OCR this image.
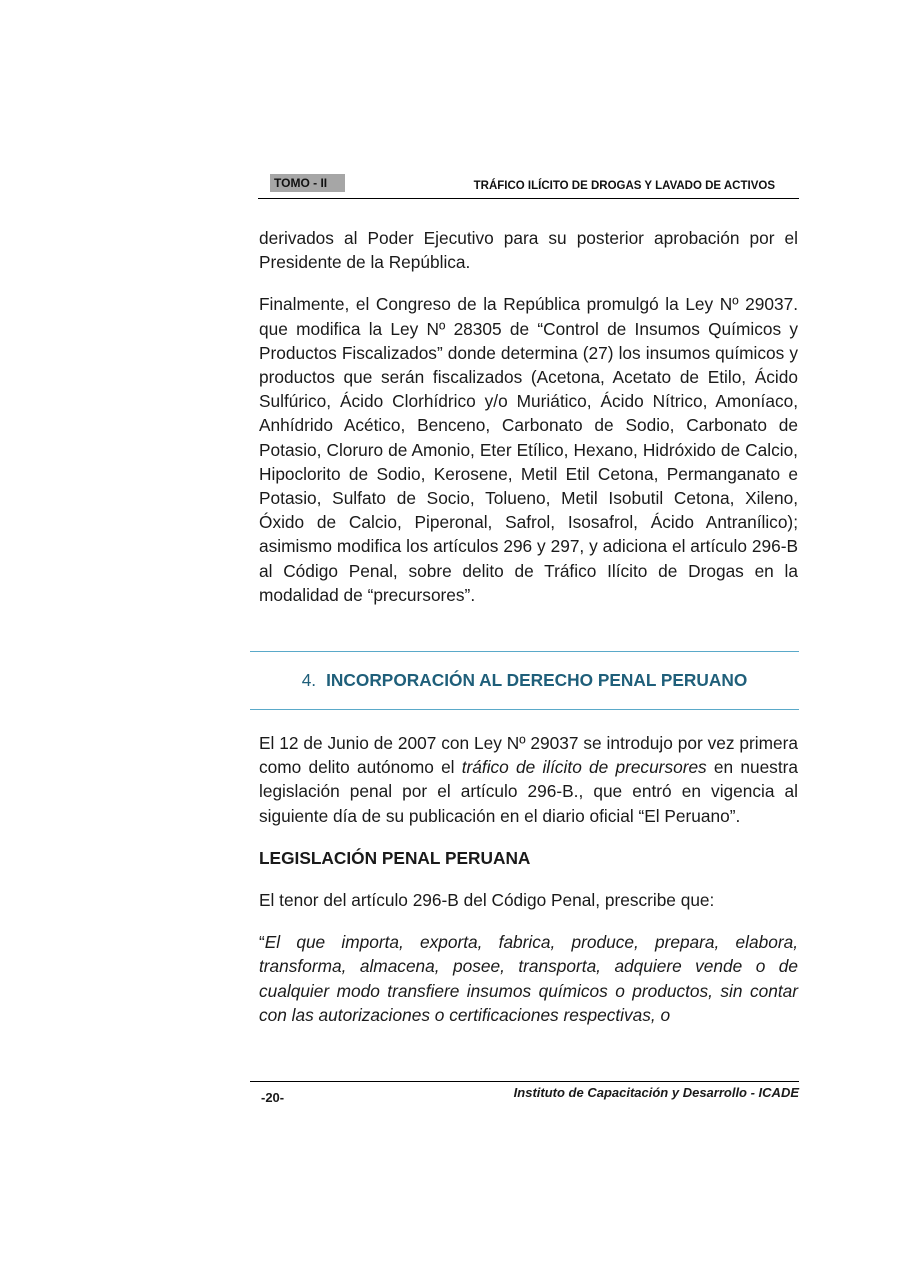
TOMO - II	TRÁFICO ILÍCITO DE DROGAS Y LAVADO DE ACTIVOS

derivados al Poder Ejecutivo para su posterior aprobación por el Presidente de la República.

Finalmente, el Congreso de la República promulgó la Ley Nº 29037. que modifica la Ley Nº 28305 de “Control de Insumos Químicos y Productos Fiscalizados” donde determina (27) los insumos químicos y productos que serán fiscalizados (Acetona, Acetato de Etilo, Ácido Sulfúrico, Ácido Clorhídrico y/o Muriático, Ácido Nítrico, Amoníaco, Anhídrido Acético, Benceno, Carbonato de Sodio, Carbonato de Potasio, Cloruro de Amonio, Eter Etílico, Hexano, Hidróxido de Calcio, Hipoclorito de Sodio, Kerosene, Metil Etil Cetona, Permanganato e Potasio, Sulfato de Socio, Tolueno, Metil Isobutil Cetona, Xileno, Óxido de Calcio, Piperonal, Safrol, Isosafrol, Ácido Antranílico); asimismo modifica los artículos 296 y 297, y adiciona el artículo 296-B al Código Penal, sobre delito de Tráfico Ilícito de Drogas en la modalidad de “precursores”.

4. INCORPORACIÓN AL DERECHO PENAL PERUANO

El 12 de Junio de 2007 con Ley Nº 29037 se introdujo por vez primera como delito autónomo el tráfico de ilícito de precursores en nuestra legislación penal por el artículo 296-B., que entró en vigencia al siguiente día de su publicación en el diario oficial “El Peruano”.

LEGISLACIÓN PENAL PERUANA

El tenor del artículo 296-B del Código Penal, prescribe que:

“El que importa, exporta, fabrica, produce, prepara, elabora, transforma, almacena, posee, transporta, adquiere vende o de cualquier modo transfiere insumos químicos o productos, sin contar con las autorizaciones o certificaciones respectivas, o

-20-	Instituto de Capacitación y Desarrollo - ICADE
